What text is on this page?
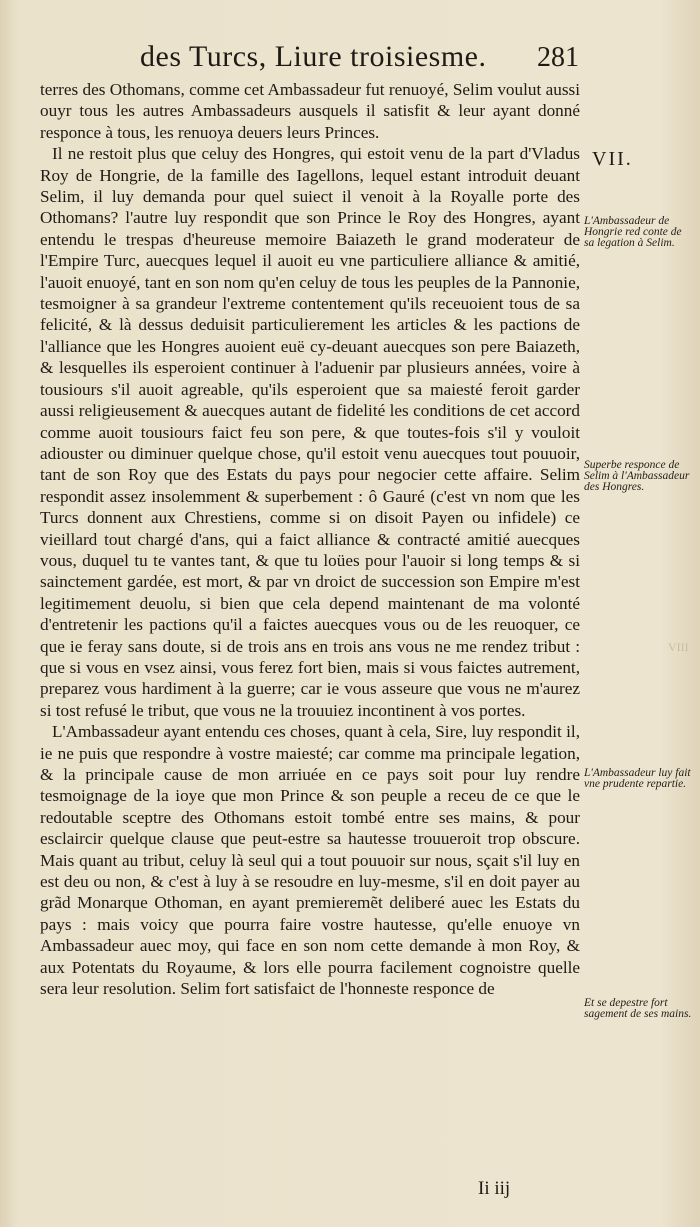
des Turcs, Liure troisiesme. 281
VII.

terres des Othomans, comme cet Ambassadeur fut renuoyé, Selim voulut aussi ouyr tous les autres Ambassadeurs ausquels il satisfit & leur ayant donné responce à tous, les renuoya deuers leurs Princes.

Il ne restoit plus que celuy des Hongres, qui estoit venu de la part d'Vladus Roy de Hongrie, de la famille des Iagellons, lequel estant introduit deuant Selim, il luy demanda pour quel suiect il venoit à la Royalle porte des Othomans? l'autre luy respondit que son Prince le Roy des Hongres, ayant entendu le trespas d'heureuse memoire Baiazeth le grand moderateur de l'Empire Turc, auecques lequel il auoit eu vne particuliere alliance & amitié, l'auoit enuoyé, tant en son nom qu'en celuy de tous les peuples de la Pannonie, tesmoigner à sa grandeur l'extreme contentement qu'ils receuoient tous de sa felicité, & là dessus deduisit particulierement les articles & les pactions de l'alliance que les Hongres auoient euë cy-deuant auecques son pere Baiazeth, & lesquelles ils esperoient continuer à l'aduenir par plusieurs années, voire à tousiours s'il auoit agreable, qu'ils esperoient que sa maiesté feroit garder aussi religieusement & auecques autant de fidelité les conditions de cet accord comme auoit tousiours faict feu son pere, & que toutes-fois s'il y vouloit adiouster ou diminuer quelque chose, qu'il estoit venu auecques tout pouuoir, tant de son Roy que des Estats du pays pour negocier cette affaire. Selim respondit assez insolemment & superbement : ô Gauré (c'est vn nom que les Turcs donnent aux Chrestiens, comme si on disoit Payen ou infidele) ce vieillard tout chargé d'ans, qui a faict alliance & contracté amitié auecques vous, duquel tu te vantes tant, & que tu loües pour l'auoir si long temps & si sainctement gardée, est mort, & par vn droict de succession son Empire m'est legitimement deuolu, si bien que cela depend maintenant de ma volonté d'entretenir les pactions qu'il a faictes auecques vous ou de les reuoquer, ce que ie feray sans doute, si de trois ans en trois ans vous ne me rendez tribut : que si vous en vsez ainsi, vous ferez fort bien, mais si vous faictes autrement, preparez vous hardiment à la guerre; car ie vous asseure que vous ne m'aurez si tost refusé le tribut, que vous ne la trouuiez incontinent à vos portes.

L'Ambassadeur ayant entendu ces choses, quant à cela, Sire, luy respondit il, ie ne puis que respondre à vostre maiesté; car comme ma principale legation, & la principale cause de mon arriuée en ce pays soit pour luy rendre tesmoignage de la ioye que mon Prince & son peuple a receu de ce que le redoutable sceptre des Othomans estoit tombé entre ses mains, & pour esclaircir quelque clause que peut-estre sa hautesse trouueroit trop obscure. Mais quant au tribut, celuy là seul qui a tout pouuoir sur nous, sçait s'il luy en est deu ou non, & c'est à luy à se resoudre en luy-mesme, s'il en doit payer au grãd Monarque Othoman, en ayant premieremẽt deliberé auec les Estats du pays : mais voicy que pourra faire vostre hautesse, qu'elle enuoye vn Ambassadeur auec moy, qui face en son nom cette demande à mon Roy, & aux Potentats du Royaume, & lors elle pourra facilement cognoistre quelle sera leur resolution. Selim fort satisfaict de l'honneste responce de

L'Ambassadeur de Hongrie red conte de sa legation à Selim.
Superbe responce de Selim à l'Ambassadeur des Hongres.
L'Ambassadeur luy fait vne prudente repartie.
Et se depestre fort sagement de ses mains.
Ii iij
VIII
